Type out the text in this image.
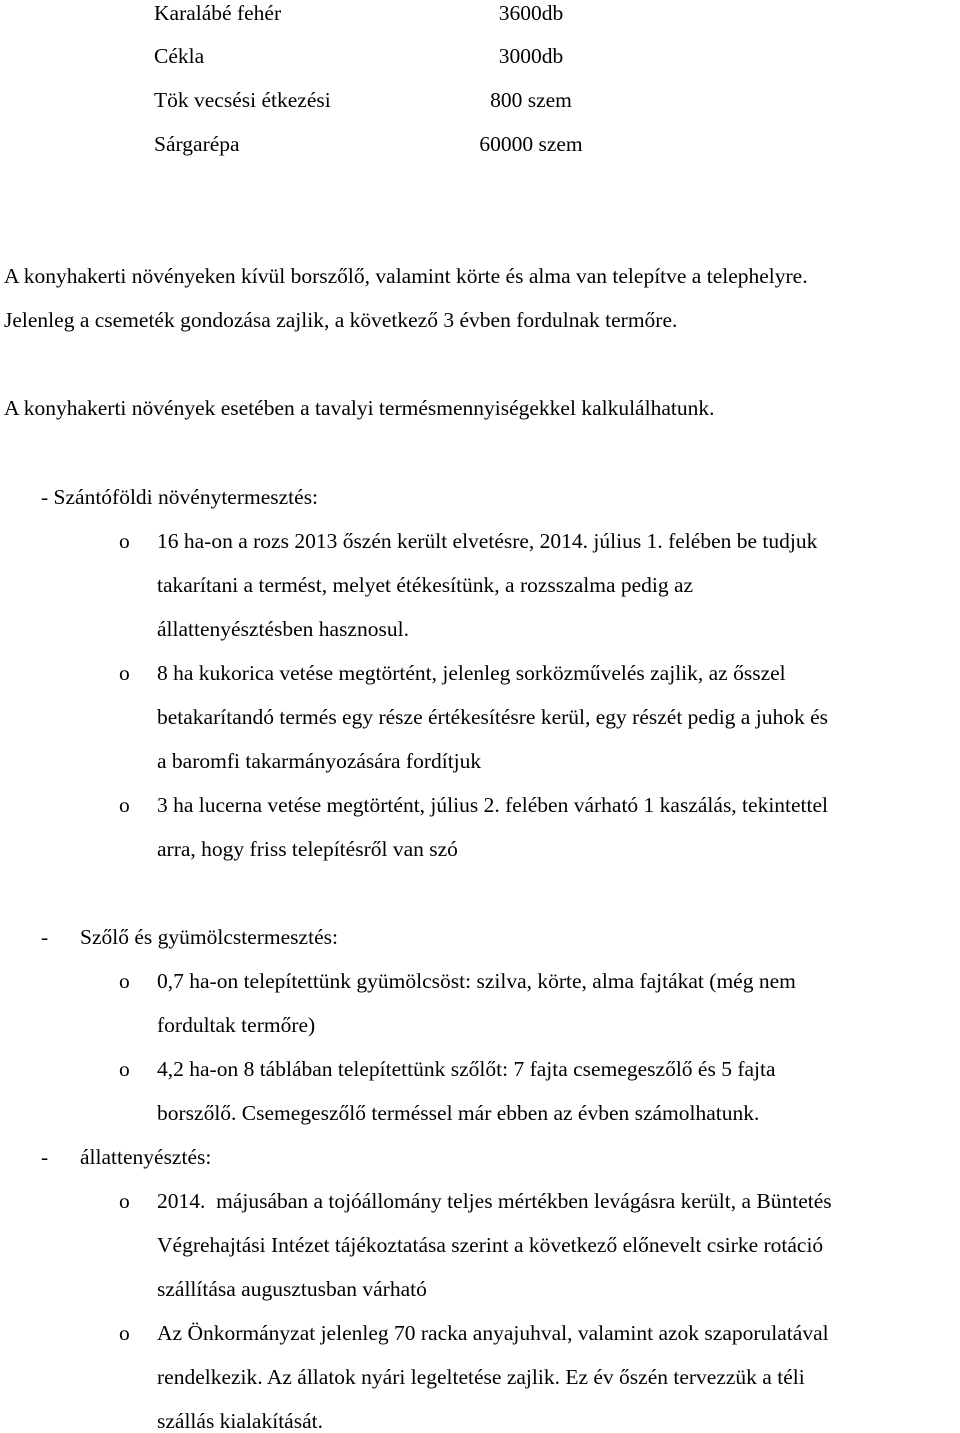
Karalábé fehér	3600db
Cékla	3000db
Tök vecsési étkezési	800 szem
Sárgarépa	60000 szem
A konyhakerti növényeken kívül borszőlő, valamint körte és alma van telepítve a telephelyre.
Jelenleg a csemeték gondozása zajlik, a következő 3 évben fordulnak termőre.
A konyhakerti növények esetében a tavalyi termésmennyiségekkel kalkulálhatunk.
- Szántóföldi növénytermesztés:
o 16 ha-on a rozs 2013 őszén került elvetésre, 2014. július 1. felében be tudjuk
takarítani a termést, melyet étékesítünk, a rozsszalma pedig az
állattenyésztésben hasznosul.
o 8 ha kukorica vetése megtörtént, jelenleg sorközművelés zajlik, az ősszel
betakarítandó termés egy része értékesítésre kerül, egy részét pedig a juhok és
a baromfi takarmányozására fordítjuk
o 3 ha lucerna vetése megtörtént, július 2. felében várható 1 kaszálás, tekintettel
arra, hogy friss telepítésről van szó
- Szőlő és gyümölcstermesztés:
o 0,7 ha-on telepítettünk gyümölcsöst: szilva, körte, alma fajtákat (még nem
fordultak termőre)
o 4,2 ha-on 8 táblában telepítettünk szőlőt: 7 fajta csemegeszőlő és 5 fajta
borszőlő. Csemegeszőlő terméssel már ebben az évben számolhatunk.
- állattenyésztés:
o 2014.  májusában a tojóállomány teljes mértékben levágásra került, a Büntetés
Végrehajtási Intézet tájékoztatása szerint a következő előnevelt csirke rotáció
szállítása augusztusban várható
o Az Önkormányzat jelenleg 70 racka anyajuhval, valamint azok szaporulatával
rendelkezik. Az állatok nyári legeltetése zajlik. Ez év őszén tervezzük a téli
szállás kialakítását.
